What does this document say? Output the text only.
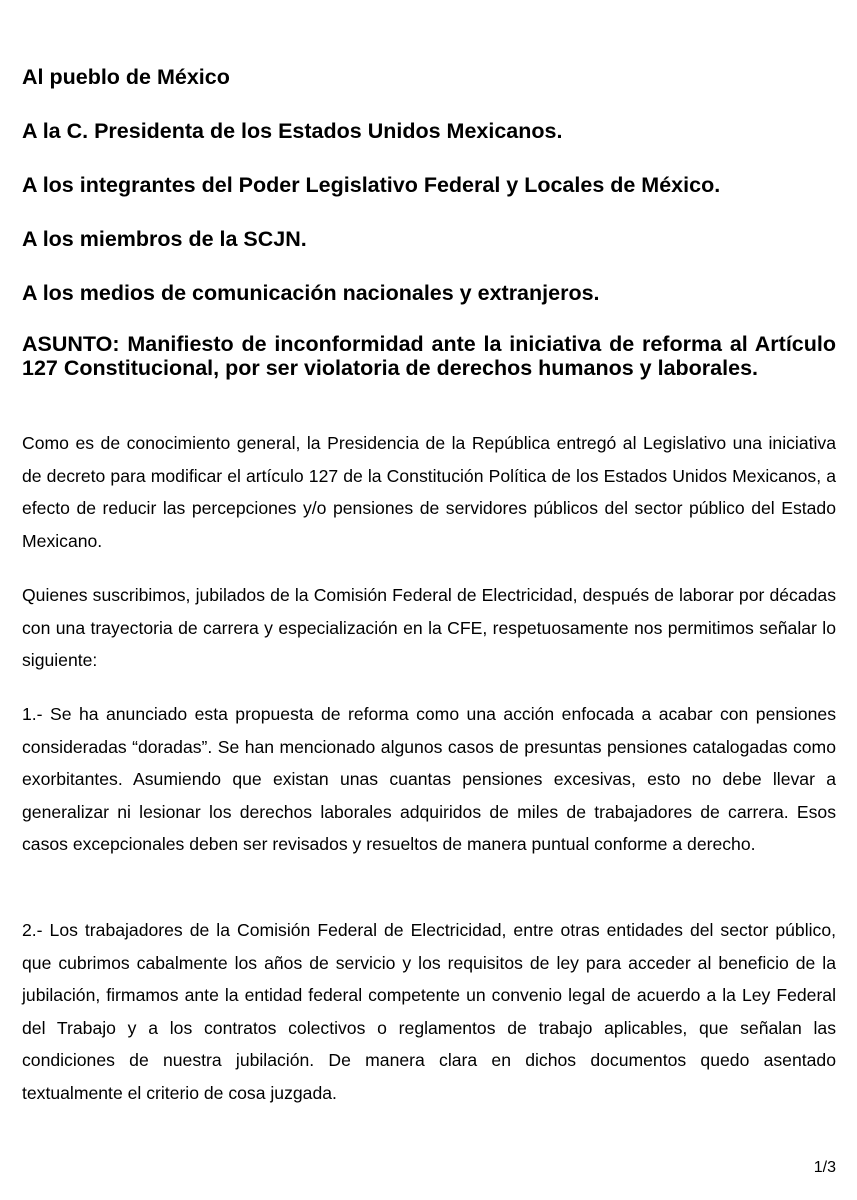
Al pueblo de México

A la C. Presidenta de los Estados Unidos Mexicanos.

A los integrantes del Poder Legislativo Federal y Locales de México.

A los miembros de la SCJN.

A los medios de comunicación nacionales y extranjeros.

ASUNTO: Manifiesto de inconformidad ante la iniciativa de reforma al Artículo 127 Constitucional, por ser violatoria de derechos humanos y laborales.

Como es de conocimiento general, la Presidencia de la República entregó al Legislativo una iniciativa de decreto para modificar el artículo 127 de la Constitución Política de los Estados Unidos Mexicanos, a efecto de reducir las percepciones y/o pensiones de servidores públicos del sector público del Estado Mexicano.

Quienes suscribimos, jubilados de la Comisión Federal de Electricidad, después de laborar por décadas con una trayectoria de carrera y especialización en la CFE, respetuosamente nos permitimos señalar lo siguiente:

1.- Se ha anunciado esta propuesta de reforma como una acción enfocada a acabar con pensiones consideradas “doradas”. Se han mencionado algunos casos de presuntas pensiones catalogadas como exorbitantes. Asumiendo que existan unas cuantas pensiones excesivas, esto no debe llevar a generalizar ni lesionar los derechos laborales adquiridos de miles de trabajadores de carrera. Esos casos excepcionales deben ser revisados y resueltos de manera puntual conforme a derecho.

2.- Los trabajadores de la Comisión Federal de Electricidad, entre otras entidades del sector público, que cubrimos cabalmente los años de servicio y los requisitos de ley para acceder al beneficio de la jubilación, firmamos ante la entidad federal competente un convenio legal de acuerdo a la Ley Federal del Trabajo y a los contratos colectivos o reglamentos de trabajo aplicables, que señalan las condiciones de nuestra jubilación. De manera clara en dichos documentos quedo asentado textualmente el criterio de cosa juzgada.

1/3
